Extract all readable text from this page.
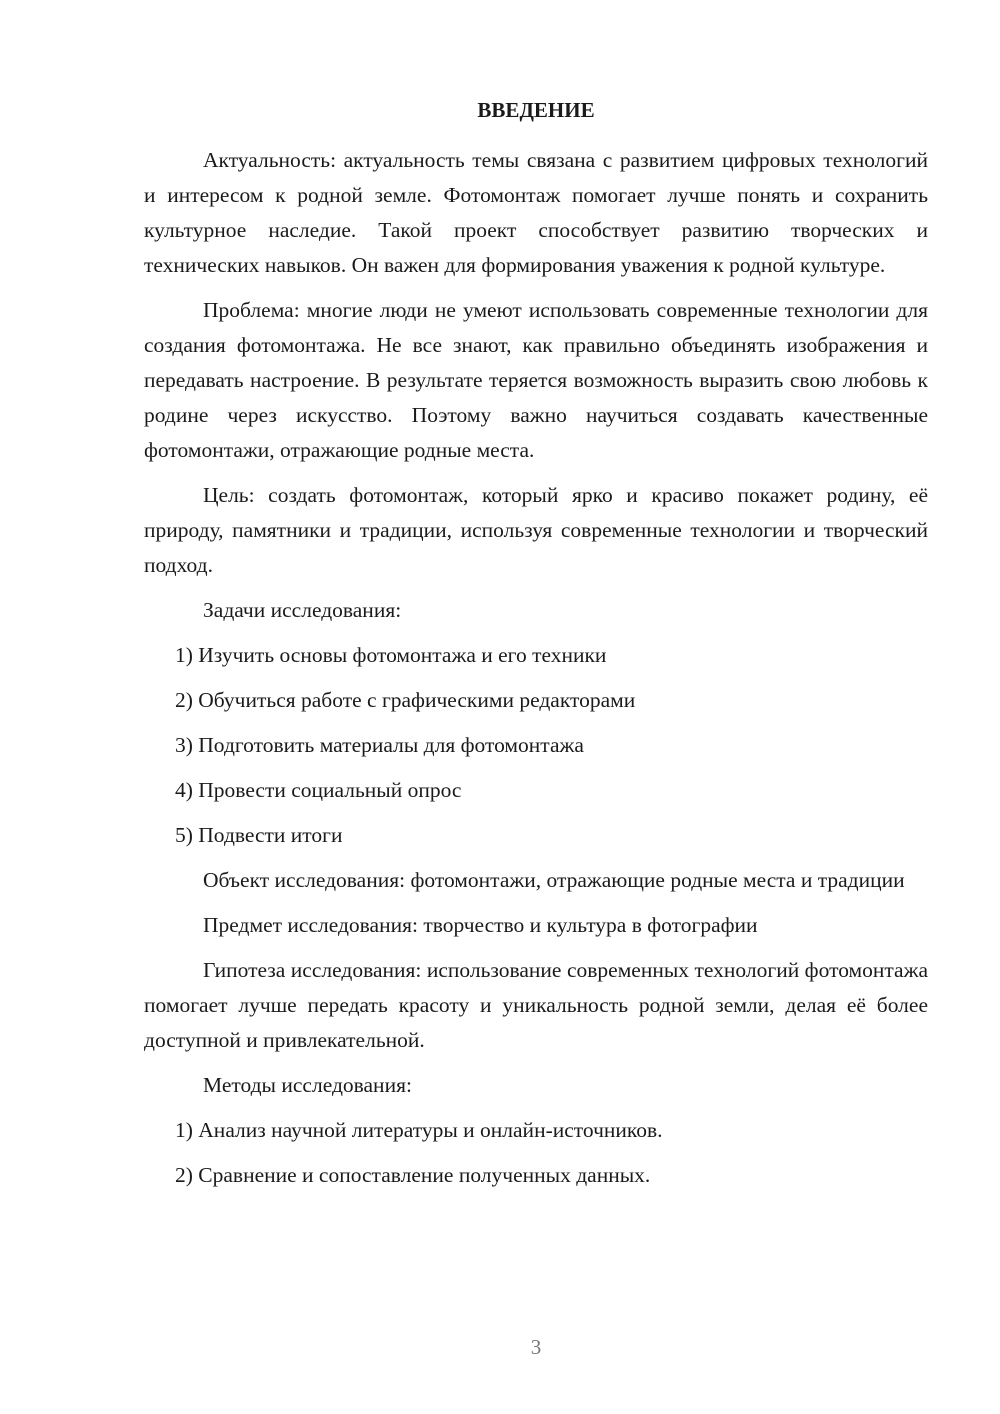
ВВЕДЕНИЕ

Актуальность: актуальность темы связана с развитием цифровых технологий и интересом к родной земле. Фотомонтаж помогает лучше понять и сохранить культурное наследие. Такой проект способствует развитию творческих и технических навыков. Он важен для формирования уважения к родной культуре.

Проблема: многие люди не умеют использовать современные технологии для создания фотомонтажа. Не все знают, как правильно объединять изображения и передавать настроение. В результате теряется возможность выразить свою любовь к родине через искусство. Поэтому важно научиться создавать качественные фотомонтажи, отражающие родные места.

Цель: создать фотомонтаж, который ярко и красиво покажет родину, её природу, памятники и традиции, используя современные технологии и творческий подход.

Задачи исследования:

1) Изучить основы фотомонтажа и его техники

2) Обучиться работе с графическими редакторами

3) Подготовить материалы для фотомонтажа

4) Провести социальный опрос

5) Подвести итоги

Объект исследования: фотомонтажи, отражающие родные места и традиции

Предмет исследования: творчество и культура в фотографии

Гипотеза исследования: использование современных технологий фотомонтажа помогает лучше передать красоту и уникальность родной земли, делая её более доступной и привлекательной.

Методы исследования:

1) Анализ научной литературы и онлайн-источников.

2) Сравнение и сопоставление полученных данных.

3
